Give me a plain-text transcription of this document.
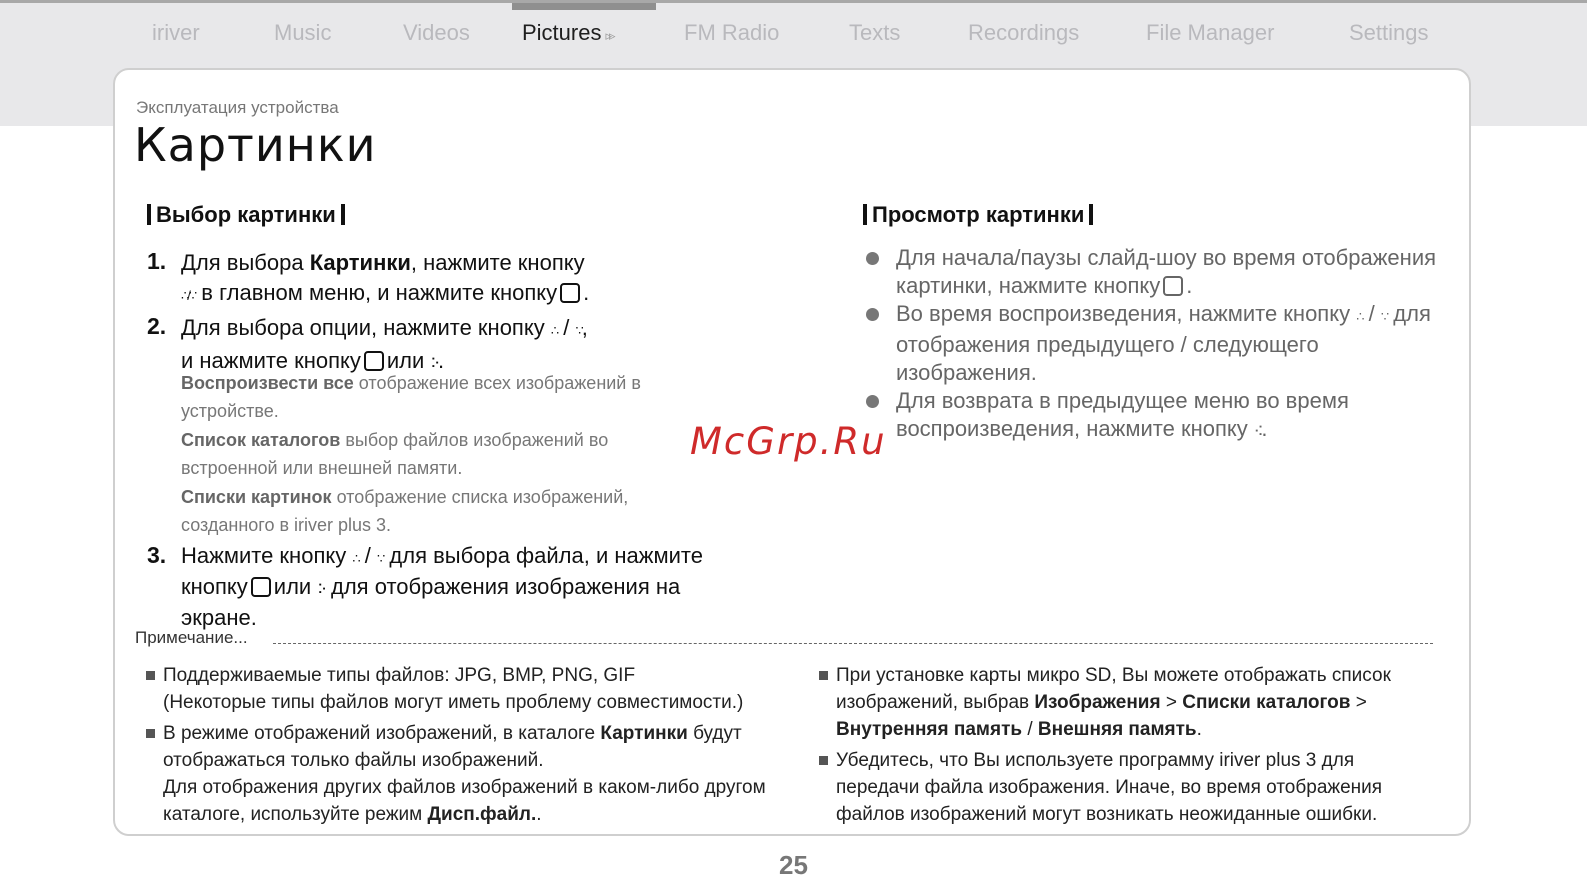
iriver	Music	Videos Pictures ▹▹	FM Radio	Texts	Recordings	File Manager	Settings
Эксплуатация устройства
Картинки
Выбор картинки
1. Для выбора Картинки, нажмите кнопку
∴/∵ в главном меню, и нажмите кнопку .
2. Для выбора опции, нажмите кнопку ∴ / ∵,
и нажмите кнопку или ⠕.
Воспроизвести все отображение всех изображений в устройстве.
Список каталогов выбор файлов изображений во встроенной или внешней памяти.
Списки картинок отображение списка изображений, созданного в iriver plus 3.
3. Нажмите кнопку ∴ / ∵ для выбора файла, и нажмите
кнопку или ⠕ для отображения изображения на экране.
Просмотр картинки
Для начала/паузы слайд-шоу во время отображения картинки, нажмите кнопку .
Во время воспроизведения, нажмите кнопку ∴ / ∵ для отображения предыдущего / следующего изображения.
Для возврата в предыдущее меню во время воспроизведения, нажмите кнопку ⠪.
McGrp.Ru
Примечание...
Поддерживаемые типы файлов: JPG, BMP, PNG, GIF
(Некоторые типы файлов могут иметь проблему совместимости.)
В режиме отображений изображений, в каталоге Картинки будут отображаться только файлы изображений.
Для отображения других файлов изображений в каком-либо другом каталоге, используйте режим Дисп.файл..
При установке карты микро SD, Вы можете отображать список изображений, выбрав Изображения > Списки каталогов > Внутренняя память / Внешняя память.
Убедитесь, что Вы используете программу iriver plus 3 для передачи файла изображения. Иначе, во время отображения файлов изображений могут возникать неожиданные ошибки.
25
